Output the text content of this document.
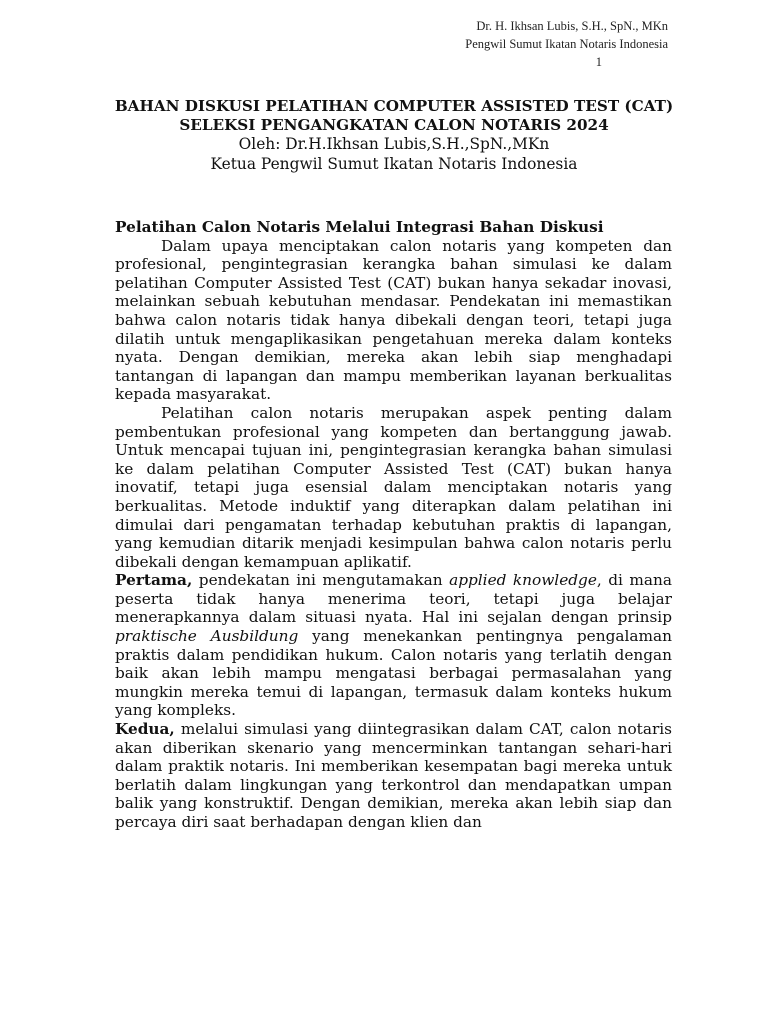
Dr. H. Ikhsan Lubis, S.H., SpN., MKn
Pengwil Sumut Ikatan Notaris Indonesia
1
BAHAN DISKUSI PELATIHAN COMPUTER ASSISTED TEST (CAT)
SELEKSI PENGANGKATAN CALON NOTARIS 2024
Oleh: Dr.H.Ikhsan Lubis,S.H.,SpN.,MKn
Ketua Pengwil Sumut Ikatan Notaris Indonesia
Pelatihan Calon Notaris Melalui Integrasi Bahan Diskusi

Dalam upaya menciptakan calon notaris yang kompeten dan profesional, pengintegrasian kerangka bahan simulasi ke dalam pelatihan Computer Assisted Test (CAT) bukan hanya sekadar inovasi, melainkan sebuah kebutuhan mendasar. Pendekatan ini memastikan bahwa calon notaris tidak hanya dibekali dengan teori, tetapi juga dilatih untuk mengaplikasikan pengetahuan mereka dalam konteks nyata. Dengan demikian, mereka akan lebih siap menghadapi tantangan di lapangan dan mampu memberikan layanan berkualitas kepada masyarakat.

Pelatihan calon notaris merupakan aspek penting dalam pembentukan profesional yang kompeten dan bertanggung jawab. Untuk mencapai tujuan ini, pengintegrasian kerangka bahan simulasi ke dalam pelatihan Computer Assisted Test (CAT) bukan hanya inovatif, tetapi juga esensial dalam menciptakan notaris yang berkualitas. Metode induktif yang diterapkan dalam pelatihan ini dimulai dari pengamatan terhadap kebutuhan praktis di lapangan, yang kemudian ditarik menjadi kesimpulan bahwa calon notaris perlu dibekali dengan kemampuan aplikatif.

Pertama, pendekatan ini mengutamakan applied knowledge, di mana peserta tidak hanya menerima teori, tetapi juga belajar menerapkannya dalam situasi nyata. Hal ini sejalan dengan prinsip praktische Ausbildung yang menekankan pentingnya pengalaman praktis dalam pendidikan hukum. Calon notaris yang terlatih dengan baik akan lebih mampu mengatasi berbagai permasalahan yang mungkin mereka temui di lapangan, termasuk dalam konteks hukum yang kompleks.

Kedua, melalui simulasi yang diintegrasikan dalam CAT, calon notaris akan diberikan skenario yang mencerminkan tantangan sehari-hari dalam praktik notaris. Ini memberikan kesempatan bagi mereka untuk berlatih dalam lingkungan yang terkontrol dan mendapatkan umpan balik yang konstruktif. Dengan demikian, mereka akan lebih siap dan percaya diri saat berhadapan dengan klien dan
